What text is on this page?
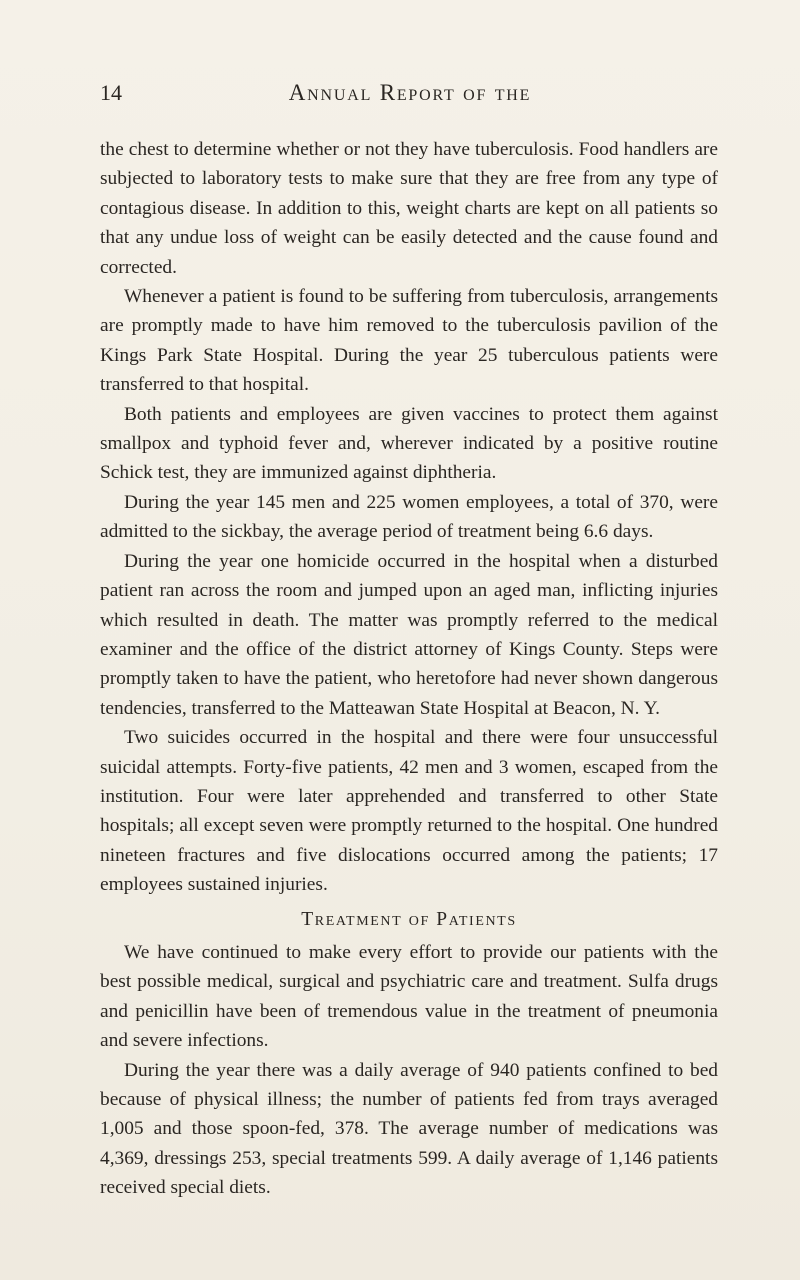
14	Annual Report of the

the chest to determine whether or not they have tuberculosis. Food handlers are subjected to laboratory tests to make sure that they are free from any type of contagious disease. In addition to this, weight charts are kept on all patients so that any undue loss of weight can be easily detected and the cause found and corrected.

Whenever a patient is found to be suffering from tuberculosis, arrangements are promptly made to have him removed to the tuberculosis pavilion of the Kings Park State Hospital. During the year 25 tuberculous patients were transferred to that hospital.

Both patients and employees are given vaccines to protect them against smallpox and typhoid fever and, wherever indicated by a positive routine Schick test, they are immunized against diphtheria.

During the year 145 men and 225 women employees, a total of 370, were admitted to the sickbay, the average period of treatment being 6.6 days.

During the year one homicide occurred in the hospital when a disturbed patient ran across the room and jumped upon an aged man, inflicting injuries which resulted in death. The matter was promptly referred to the medical examiner and the office of the district attorney of Kings County. Steps were promptly taken to have the patient, who heretofore had never shown dangerous tendencies, transferred to the Matteawan State Hospital at Beacon, N. Y.

Two suicides occurred in the hospital and there were four unsuccessful suicidal attempts. Forty-five patients, 42 men and 3 women, escaped from the institution. Four were later apprehended and transferred to other State hospitals; all except seven were promptly returned to the hospital. One hundred nineteen fractures and five dislocations occurred among the patients; 17 employees sustained injuries.

Treatment of Patients

We have continued to make every effort to provide our patients with the best possible medical, surgical and psychiatric care and treatment. Sulfa drugs and penicillin have been of tremendous value in the treatment of pneumonia and severe infections.

During the year there was a daily average of 940 patients confined to bed because of physical illness; the number of patients fed from trays averaged 1,005 and those spoon-fed, 378. The average number of medications was 4,369, dressings 253, special treatments 599. A daily average of 1,146 patients received special diets.
